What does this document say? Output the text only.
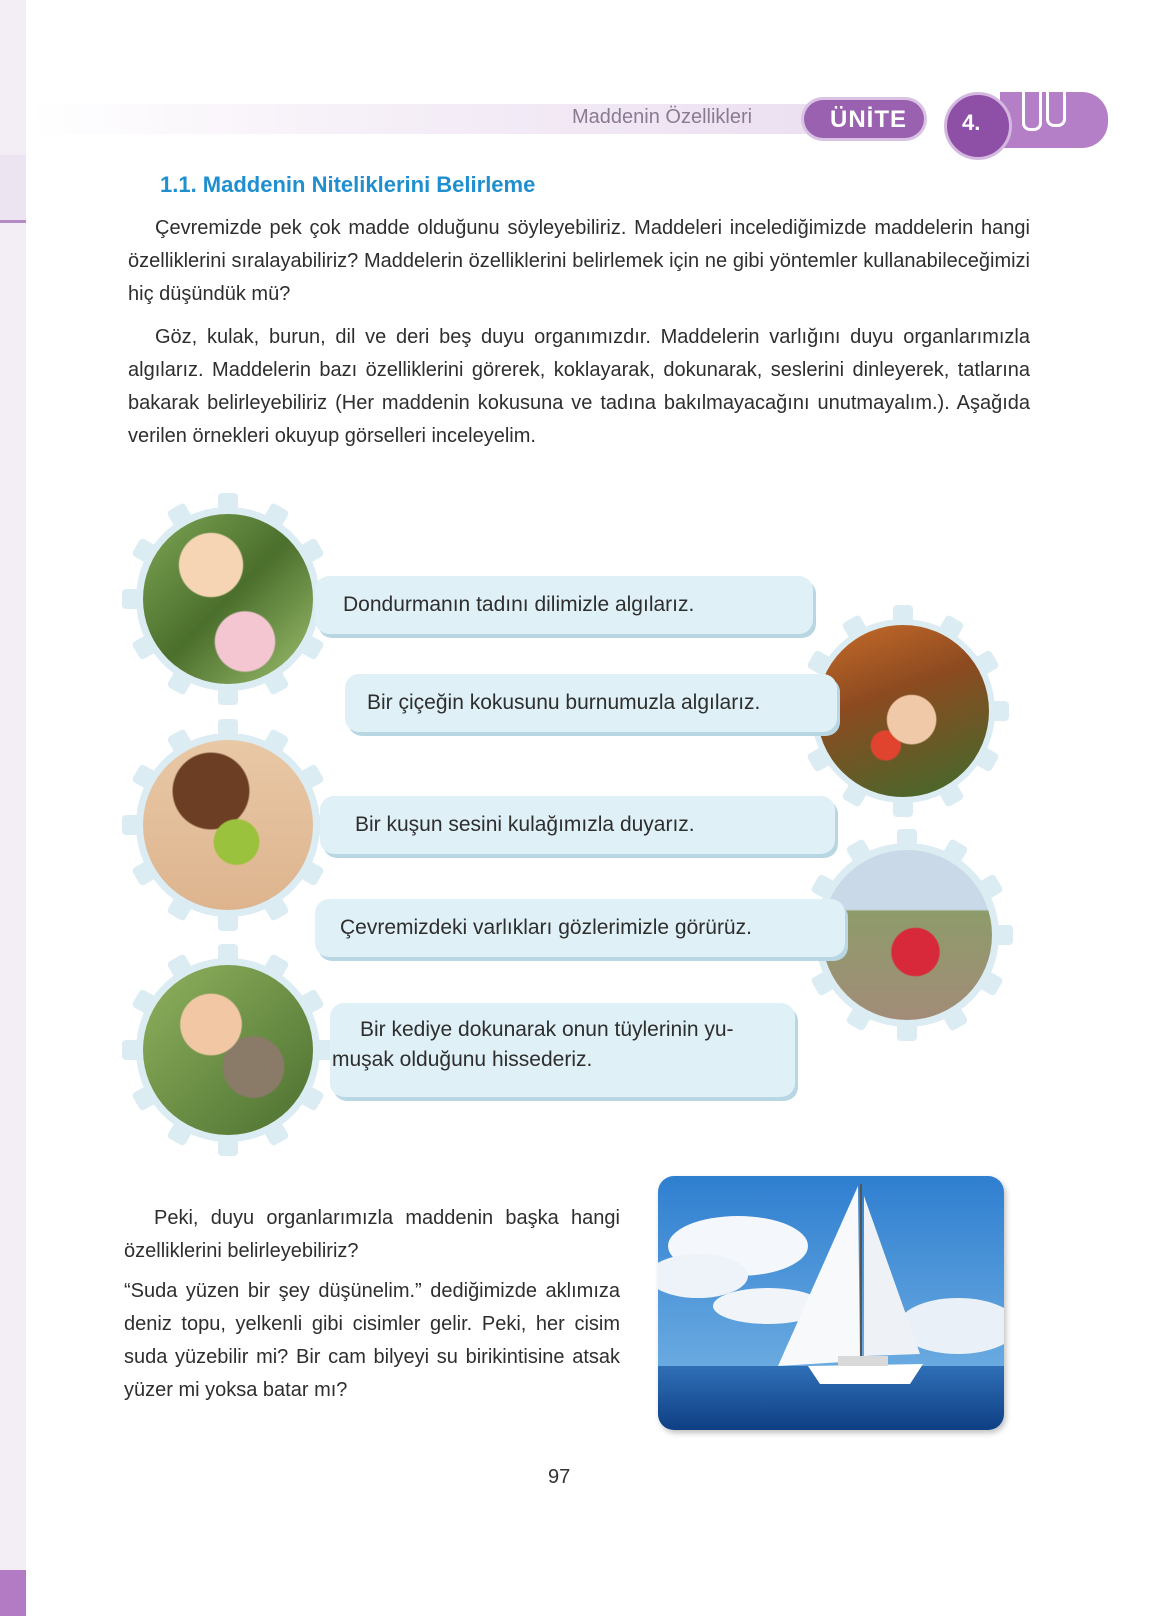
Maddenin Özellikleri	ÜNİTE	4.
1.1. Maddenin Niteliklerini Belirleme

Çevremizde pek çok madde olduğunu söyleyebiliriz. Maddeleri incelediğimizde maddelerin hangi özelliklerini sıralayabiliriz? Maddelerin özelliklerini belirlemek için ne gibi yöntemler kullanabileceğimizi hiç düşündük mü?

Göz, kulak, burun, dil ve deri beş duyu organımızdır. Maddelerin varlığını duyu organlarımızla algılarız. Maddelerin bazı özelliklerini görerek, koklayarak, dokunarak, seslerini dinleyerek, tatlarına bakarak belirleyebiliriz (Her maddenin kokusuna ve tadına bakılmayacağını unutmayalım.). Aşağıda verilen örnekleri okuyup görselleri inceleyelim.

Dondurmanın tadını dilimizle algılarız.
Bir çiçeğin kokusunu burnumuzla algılarız.
Bir kuşun sesini kulağımızla duyarız.
Çevremizdeki varlıkları gözlerimizle görürüz.
Bir kediye dokunarak onun tüylerinin yu-
muşak olduğunu hissederiz.

Peki, duyu organlarımızla maddenin başka hangi özelliklerini belirleyebiliriz?

“Suda yüzen bir şey düşünelim.” dediğimizde aklımıza deniz topu, yelkenli gibi cisimler gelir. Peki, her cisim suda yüzebilir mi? Bir cam bilyeyi su birikintisine atsak yüzer mi yoksa batar mı?

97
